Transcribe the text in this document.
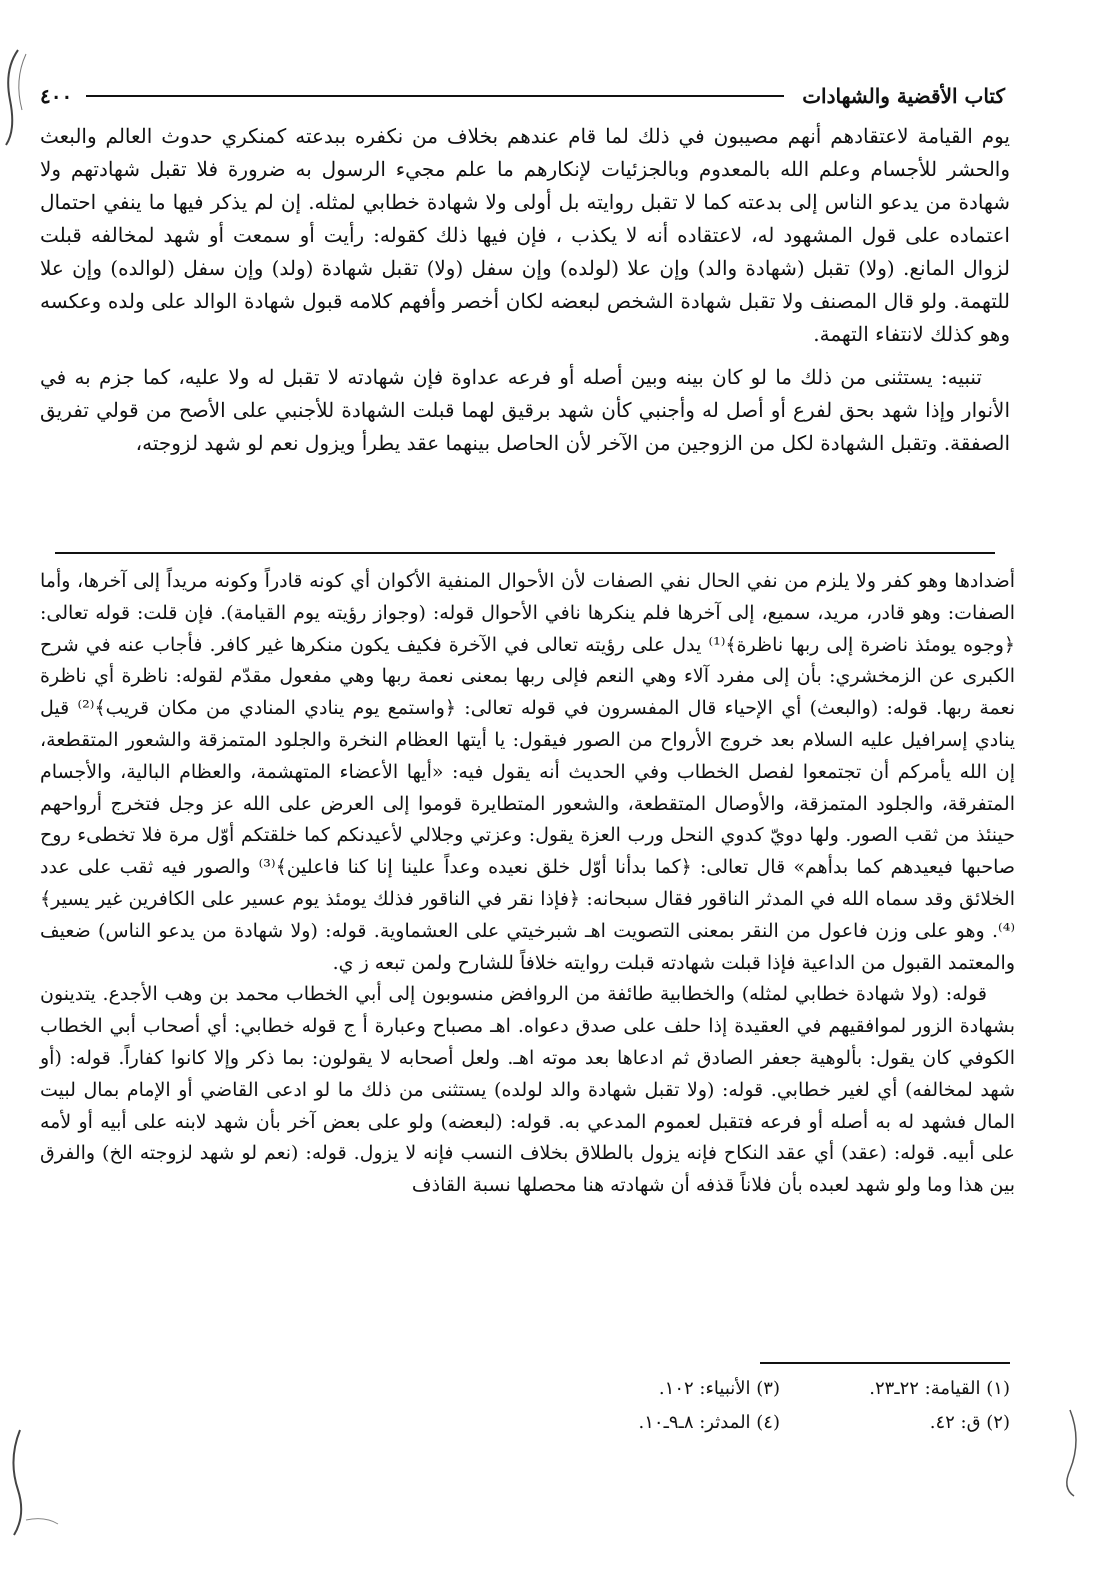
كتاب الأقضية والشهادات
٤٠٠

يوم القيامة لاعتقادهم أنهم مصيبون في ذلك لما قام عندهم بخلاف من نكفره ببدعته كمنكري حدوث العالم والبعث والحشر للأجسام وعلم الله بالمعدوم وبالجزئيات لإنكارهم ما علم مجيء الرسول به ضرورة فلا تقبل شهادتهم ولا شهادة من يدعو الناس إلى بدعته كما لا تقبل روايته بل أولى ولا شهادة خطابي لمثله. إن لم يذكر فيها ما ينفي احتمال اعتماده على قول المشهود له، لاعتقاده أنه لا يكذب ، فإن فيها ذلك كقوله: رأيت أو سمعت أو شهد لمخالفه قبلت لزوال المانع. (ولا) تقبل (شهادة والد) وإن علا (لولده) وإن سفل (ولا) تقبل شهادة (ولد) وإن سفل (لوالده) وإن علا للتهمة. ولو قال المصنف ولا تقبل شهادة الشخص لبعضه لكان أخصر وأفهم كلامه قبول شهادة الوالد على ولده وعكسه وهو كذلك لانتفاء التهمة.

تنبيه: يستثنى من ذلك ما لو كان بينه وبين أصله أو فرعه عداوة فإن شهادته لا تقبل له ولا عليه، كما جزم به في الأنوار وإذا شهد بحق لفرع أو أصل له وأجنبي كأن شهد برقيق لهما قبلت الشهادة للأجنبي على الأصح من قولي تفريق الصفقة. وتقبل الشهادة لكل من الزوجين من الآخر لأن الحاصل بينهما عقد يطرأ ويزول نعم لو شهد لزوجته،

أضدادها وهو كفر ولا يلزم من نفي الحال نفي الصفات لأن الأحوال المنفية الأكوان أي كونه قادراً وكونه مريداً إلى آخرها، وأما الصفات: وهو قادر، مريد، سميع، إلى آخرها فلم ينكرها نافي الأحوال قوله: (وجواز رؤيته يوم القيامة). فإن قلت: قوله تعالى: ﴿وجوه يومئذ ناضرة إلى ربها ناظرة﴾⁽¹⁾ يدل على رؤيته تعالى في الآخرة فكيف يكون منكرها غير كافر. فأجاب عنه في شرح الكبرى عن الزمخشري: بأن إلى مفرد آلاء وهي النعم فإلى ربها بمعنى نعمة ربها وهي مفعول مقدّم لقوله: ناظرة أي ناظرة نعمة ربها. قوله: (والبعث) أي الإحياء قال المفسرون في قوله تعالى: ﴿واستمع يوم ينادي المنادي من مكان قريب﴾⁽²⁾ قيل ينادي إسرافيل عليه السلام بعد خروج الأرواح من الصور فيقول: يا أيتها العظام النخرة والجلود المتمزقة والشعور المتقطعة، إن الله يأمركم أن تجتمعوا لفصل الخطاب وفي الحديث أنه يقول فيه: «أيها الأعضاء المتهشمة، والعظام البالية، والأجسام المتفرقة، والجلود المتمزقة، والأوصال المتقطعة، والشعور المتطايرة قوموا إلى العرض على الله عز وجل فتخرج أرواحهم حينئذ من ثقب الصور. ولها دويّ كدوي النحل ورب العزة يقول: وعزتي وجلالي لأعيدنكم كما خلقتكم أوّل مرة فلا تخطىء روح صاحبها فيعيدهم كما بدأهم» قال تعالى: ﴿كما بدأنا أوّل خلق نعيده وعداً علينا إنا كنا فاعلين﴾⁽³⁾ والصور فيه ثقب على عدد الخلائق وقد سماه الله في المدثر الناقور فقال سبحانه: ﴿فإذا نقر في الناقور فذلك يومئذ يوم عسير على الكافرين غير يسير﴾⁽⁴⁾. وهو على وزن فاعول من النقر بمعنى التصويت اهـ شبرخيتي على العشماوية. قوله: (ولا شهادة من يدعو الناس) ضعيف والمعتمد القبول من الداعية فإذا قبلت شهادته قبلت روايته خلافاً للشارح ولمن تبعه ز ي.

قوله: (ولا شهادة خطابي لمثله) والخطابية طائفة من الروافض منسوبون إلى أبي الخطاب محمد بن وهب الأجدع. يتدينون بشهادة الزور لموافقيهم في العقيدة إذا حلف على صدق دعواه. اهـ مصباح وعبارة أ ج قوله خطابي: أي أصحاب أبي الخطاب الكوفي كان يقول: بألوهية جعفر الصادق ثم ادعاها بعد موته اهـ. ولعل أصحابه لا يقولون: بما ذكر وإلا كانوا كفاراً. قوله: (أو شهد لمخالفه) أي لغير خطابي. قوله: (ولا تقبل شهادة والد لولده) يستثنى من ذلك ما لو ادعى القاضي أو الإمام بمال لبيت المال فشهد له به أصله أو فرعه فتقبل لعموم المدعي به. قوله: (لبعضه) ولو على بعض آخر بأن شهد لابنه على أبيه أو لأمه على أبيه. قوله: (عقد) أي عقد النكاح فإنه يزول بالطلاق بخلاف النسب فإنه لا يزول. قوله: (نعم لو شهد لزوجته الخ) والفرق بين هذا وما ولو شهد لعبده بأن فلاناً قذفه أن شهادته هنا محصلها نسبة القاذف

(١) القيامة: ٢٢ـ٢٣.
(٢) ق: ٤٢.
(٣) الأنبياء: ١٠٢.
(٤) المدثر: ٨ـ٩ـ١٠.
